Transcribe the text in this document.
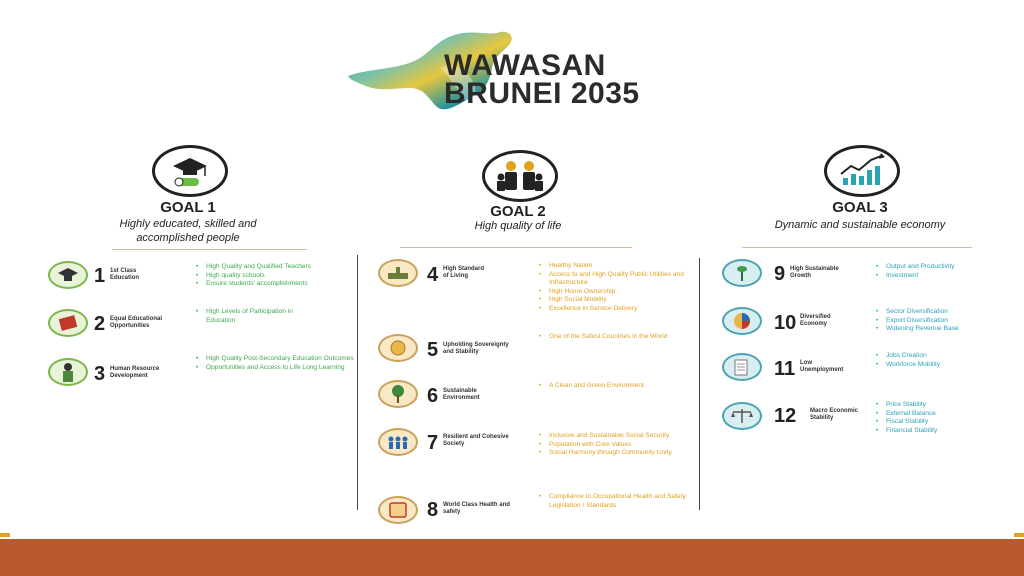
WAWASAN
BRUNEI 2035
GOAL 1
Highly educated, skilled and
accomplished people
GOAL 2
High quality of life
GOAL 3
Dynamic and sustainable economy
1 1st Class
Education
• High Quality and Qualified Teachers
• High quality schools
• Ensure students' accomplishments
2 Equal Educational
Opportunities
• High Levels of Participation in Education
3 Human Resource
Development
• High Quality Post-Secondary Education Outcomes
• Opportunities and Access to Life Long Learning
4 High Standard
of Living
• Healthy Nation
• Access to and High Quality Public Utilities and Infrastructure
• High Home Ownership
• High Social Mobility
• Excellence in Service Delivery
5 Upholding Sovereignty
and Stability
• One of the Safest Countries in the World
6 Sustainable
Environment
• A Clean and Green Environment
7 Resilient and Cohesive
Society
• Inclusive and Sustainable Social Security
• Population with Core Values
• Social Harmony through Community Unity
8 World Class Health and
safety
• Compliance to Occupational Health and Safety Legislation / Standards
9 High Sustainable
Growth
• Output and Productivity
• Investment
10 Diversified
Economy
• Sector Diversification
• Export Diversification
• Widening Revenue Base
11 Low
Unemployment
• Jobs Creation
• Workforce Mobility
12 Macro Economic
Stability
• Price Stability
• External Balance
• Fiscal Stability
• Financial Stability
